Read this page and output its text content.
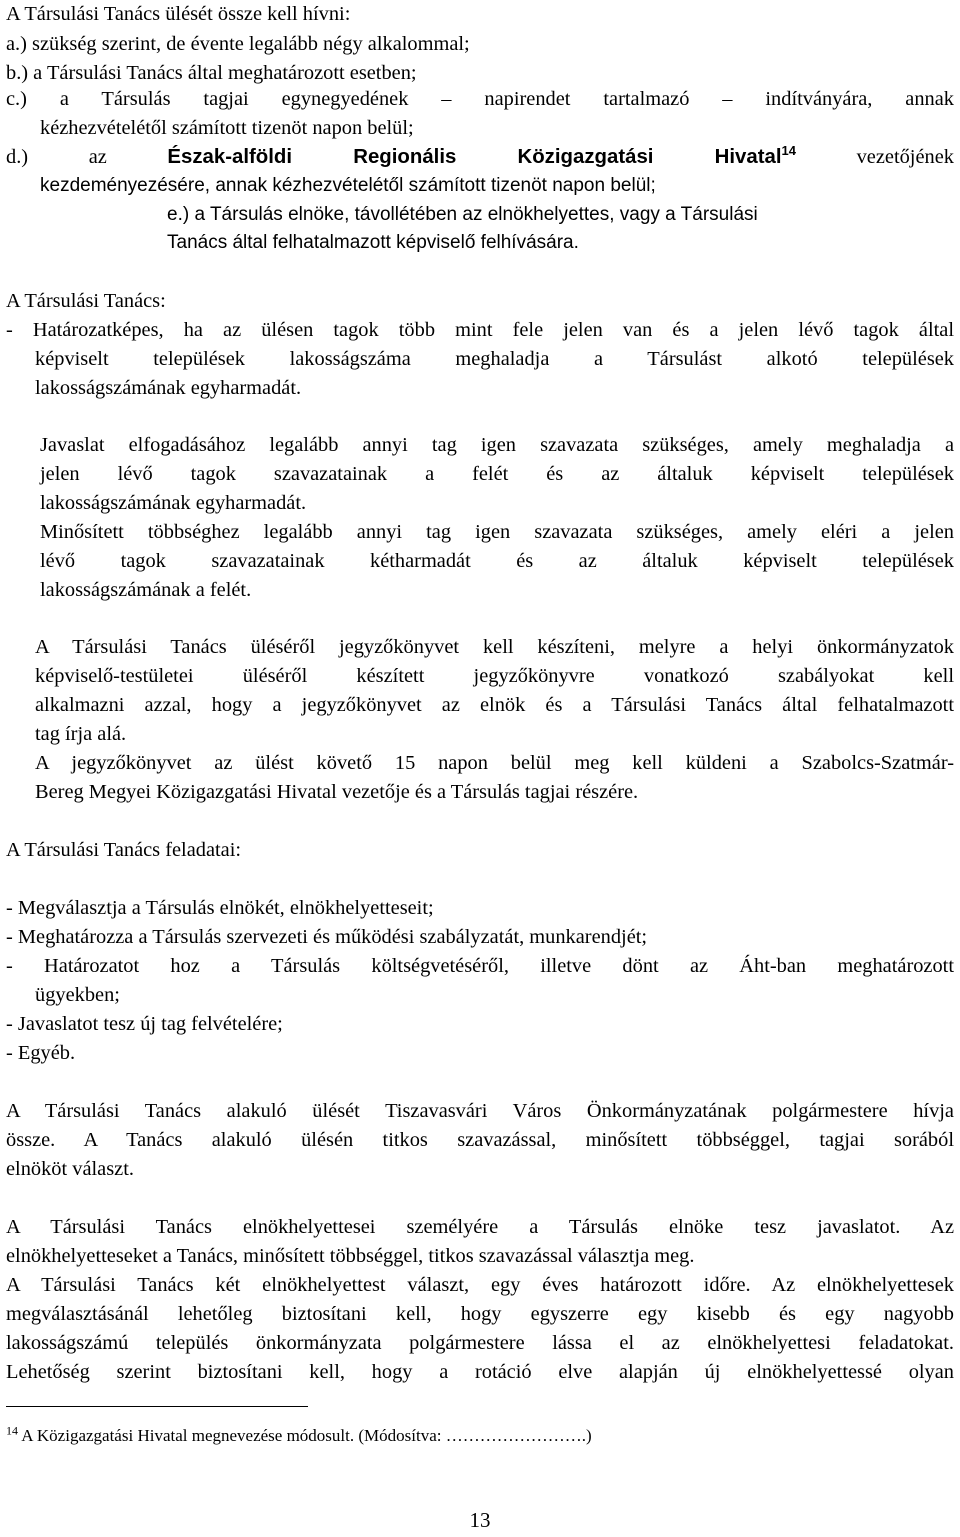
A Társulási Tanács ülését össze kell hívni:
a.) szükség szerint, de évente legalább négy alkalommal;
b.) a Társulási Tanács által meghatározott esetben;
c.) a Társulás tagjai egynegyedének – napirendet tartalmazó – indítványára, annak
kézhezvételétől számított tizenöt napon belül;
d.) az	Észak-alföldi Regionális Közigazgatási Hivatal$^{14}$	vezetőjének
kezdeményezésére, annak kézhezvételétől számított tizenöt napon belül;
e.) a Társulás elnöke, távollétében az elnökhelyettes, vagy a Társulási
Tanács által felhatalmazott képviselő felhívására.
A Társulási Tanács:
- Határozatképes, ha az ülésen tagok több mint fele jelen van és a jelen lévő tagok által
képviselt települések lakosságszáma meghaladja a Társulást alkotó települések
lakosságszámának egyharmadát.
Javaslat elfogadásához legalább annyi tag igen szavazata szükséges, amely meghaladja a
jelen lévő tagok szavazatainak a felét és az általuk képviselt települések
lakosságszámának egyharmadát.
Minősített többséghez legalább annyi tag igen szavazata szükséges, amely eléri a jelen
lévő tagok szavazatainak kétharmadát és az általuk képviselt települések
lakosságszámának a felét.
A Társulási Tanács üléséről jegyzőkönyvet kell készíteni, melyre a helyi önkormányzatok
képviselő-testületei üléséről készített jegyzőkönyvre vonatkozó szabályokat kell
alkalmazni azzal, hogy a jegyzőkönyvet az elnök és a Társulási Tanács által felhatalmazott
tag írja alá.
A jegyzőkönyvet az ülést követő 15 napon belül meg kell küldeni a Szabolcs-Szatmár-
Bereg Megyei Közigazgatási Hivatal vezetője és a Társulás tagjai részére.
A Társulási Tanács feladatai:
- Megválasztja a Társulás elnökét, elnökhelyetteseit;
- Meghatározza a Társulás szervezeti és működési szabályzatát, munkarendjét;
- Határozatot hoz a Társulás költségvetéséről, illetve dönt az Áht-ban meghatározott
ügyekben;
- Javaslatot tesz új tag felvételére;
- Egyéb.
A Társulási Tanács alakuló ülését Tiszavasvári Város Önkormányzatának polgármestere hívja
össze. A Tanács alakuló ülésén titkos szavazással, minősített többséggel, tagjai sorából
elnököt választ.
A Társulási Tanács elnökhelyettesei személyére a Társulás elnöke tesz javaslatot. Az
elnökhelyetteseket a Tanács, minősített többséggel, titkos szavazással választja meg.
A Társulási Tanács két elnökhelyettest választ, egy éves határozott időre. Az elnökhelyettesek
megválasztásánál lehetőleg biztosítani kell, hogy egyszerre egy kisebb és egy nagyobb
lakosságszámú település önkormányzata polgármestere lássa el az elnökhelyettesi feladatokat.
Lehetőség szerint biztosítani kell, hogy a rotáció elve alapján új elnökhelyettessé olyan
$^{14}$ A Közigazgatási Hivatal megnevezése módosult. (Módosítva: …………………….)
13
